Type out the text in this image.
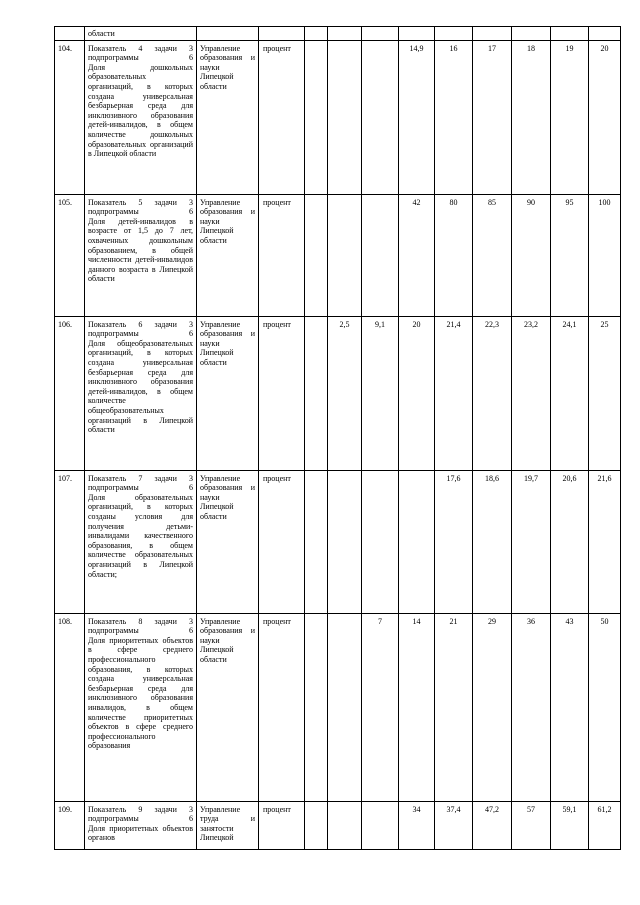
	области											
104.	Показатель 4 задачи 3 подпрограммы 6
Доля дошкольных образовательных организаций, в которых создана универсальная безбарьерная среда для инклюзивного образования детей-инвалидов, в общем количестве дошкольных образовательных организаций в Липецкой области	Управление образования и науки Липецкой области	процент				14,9	16	17	18	19	20
105.	Показатель 5 задачи 3 подпрограммы 6
Доля детей-инвалидов в возрасте от 1,5 до 7 лет, охваченных дошкольным образованием, в общей численности детей-инвалидов данного возраста в Липецкой области	Управление образования и науки Липецкой области	процент				42	80	85	90	95	100
106.	Показатель 6 задачи 3 подпрограммы 6
Доля общеобразовательных организаций, в которых создана универсальная безбарьерная среда для инклюзивного образования детей-инвалидов, в общем количестве общеобразовательных организаций в Липецкой области	Управление образования и науки Липецкой области	процент		2,5	9,1	20	21,4	22,3	23,2	24,1	25
107.	Показатель 7 задачи 3 подпрограммы 6
Доля образовательных организаций, в которых созданы условия для получения детьми-инвалидами качественного образования, в общем количестве образовательных организаций в Липецкой области;	Управление образования и науки Липецкой области	процент					17,6	18,6	19,7	20,6	21,6
108.	Показатель 8 задачи 3 подпрограммы 6
Доля приоритетных объектов в сфере среднего профессионального образования, в которых создана универсальная безбарьерная среда для инклюзивного образования инвалидов, в общем количестве приоритетных объектов в сфере среднего профессионального образования	Управление образования и науки Липецкой области	процент			7	14	21	29	36	43	50
109.	Показатель 9 задачи 3 подпрограммы 6
Доля приоритетных объектов органов	Управление труда и занятости Липецкой	процент				34	37,4	47,2	57	59,1	61,2
